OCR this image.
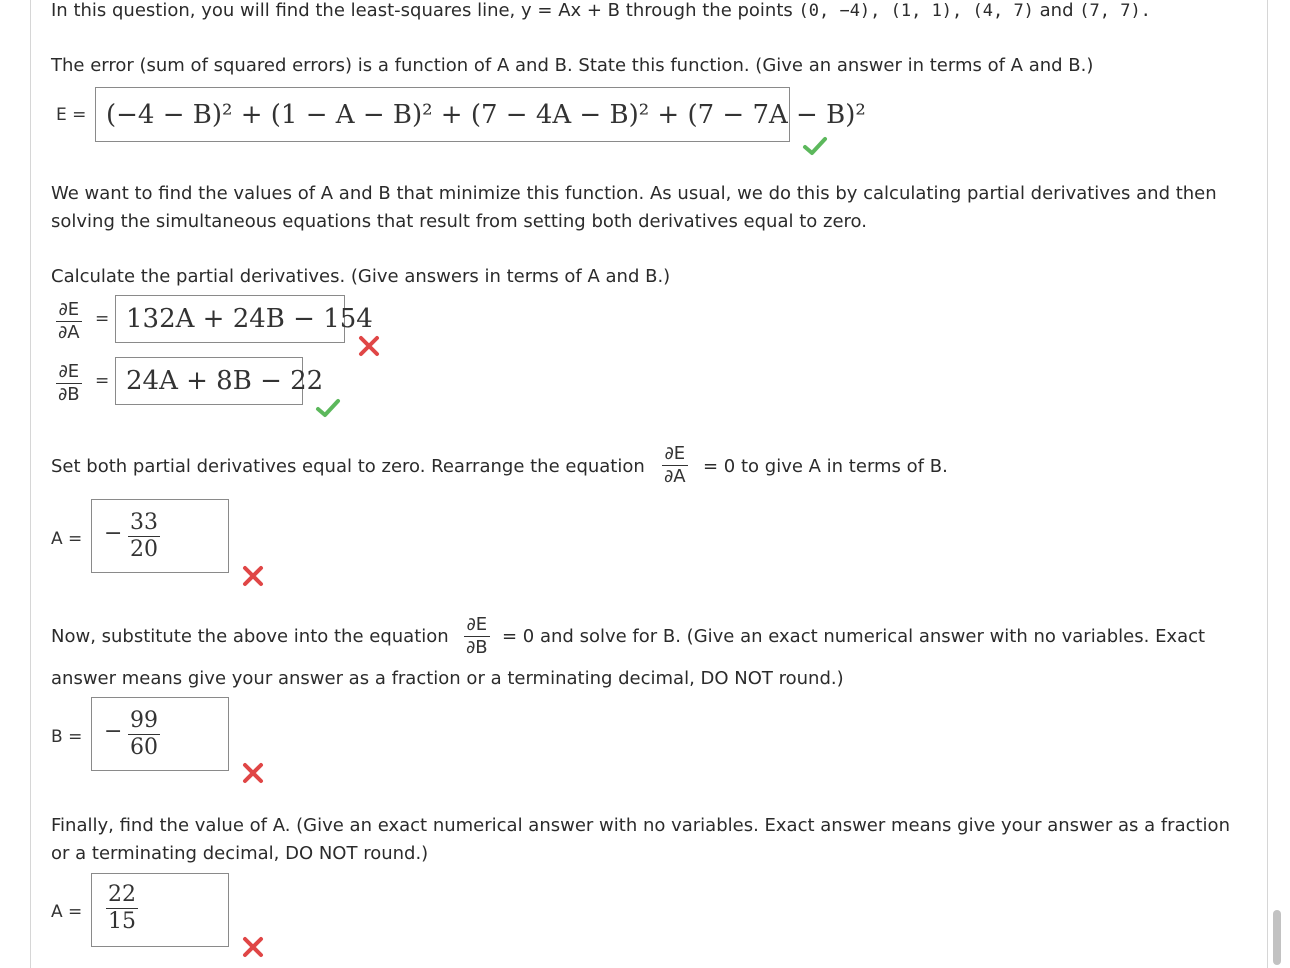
In this question, you will find the least-squares line, y = Ax + B through the points (0, −4), (1, 1), (4, 7) and (7, 7).

The error (sum of squared errors) is a function of A and B. State this function. (Give an answer in terms of A and B.)

E = (−4 − B)² + (1 − A − B)² + (7 − 4A − B)² + (7 − 7A − B)²

We want to find the values of A and B that minimize this function. As usual, we do this by calculating partial derivatives and then solving the simultaneous equations that result from setting both derivatives equal to zero.

Calculate the partial derivatives. (Give answers in terms of A and B.)

$\frac{\partial E}{\partial A} = 132A + 24B - 154$
$\frac{\partial E}{\partial B} = 24A + 8B - 22$

Set both partial derivatives equal to zero. Rearrange the equation $\frac{\partial E}{\partial A} = 0$ to give A in terms of B.

A = − $\frac{33}{20}$

Now, substitute the above into the equation $\frac{\partial E}{\partial B} = 0$ and solve for B. (Give an exact numerical answer with no variables. Exact

answer means give your answer as a fraction or a terminating decimal, DO NOT round.)

B = − $\frac{99}{60}$

Finally, find the value of A. (Give an exact numerical answer with no variables. Exact answer means give your answer as a fraction or a terminating decimal, DO NOT round.)

$A = \frac{22}{15}$
